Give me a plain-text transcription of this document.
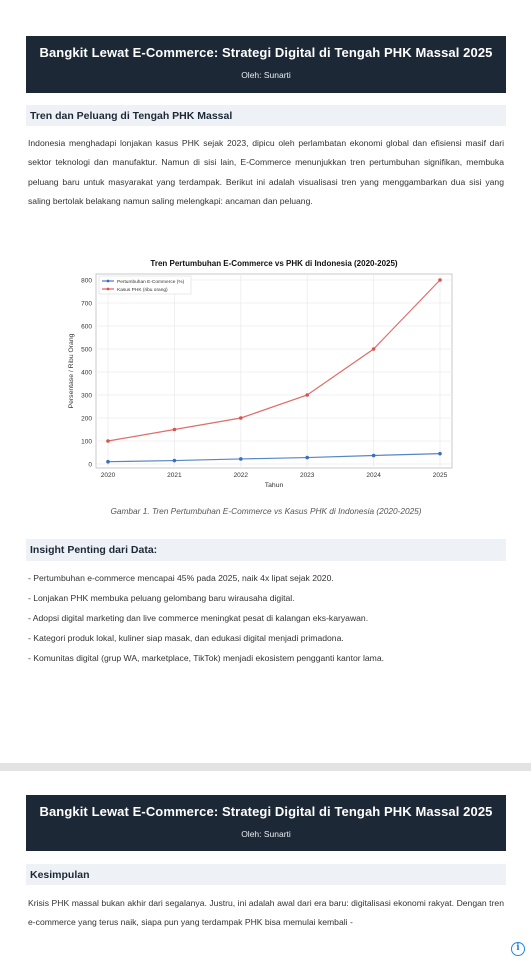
Bangkit Lewat E-Commerce: Strategi Digital di Tengah PHK Massal 2025
Oleh: Sunarti
Tren dan Peluang di Tengah PHK Massal

Indonesia menghadapi lonjakan kasus PHK sejak 2023, dipicu oleh perlambatan ekonomi global dan efisiensi masif dari sektor teknologi dan manufaktur. Namun di sisi lain, E-Commerce menunjukkan tren pertumbuhan signifikan, membuka peluang baru untuk masyarakat yang terdampak. Berikut ini adalah visualisasi tren yang menggambarkan dua sisi yang saling bertolak belakang namun saling melengkapi: ancaman dan peluang.

0
100
200
300
400
500
600
700
800
2020	2021	2022	2023	2024	2025
Tren Pertumbuhan E-Commerce vs PHK di Indonesia (2020-2025)
Tahun
Persentase / Ribu Orang
Pertumbuhan E-Commerce (%)
Kasus PHK (ribu orang)
Gambar 1. Tren Pertumbuhan E-Commerce vs Kasus PHK di Indonesia (2020-2025)
Insight Penting dari Data:
- Pertumbuhan e-commerce mencapai 45% pada 2025, naik 4x lipat sejak 2020.
- Lonjakan PHK membuka peluang gelombang baru wirausaha digital.
- Adopsi digital marketing dan live commerce meningkat pesat di kalangan eks-karyawan.
- Kategori produk lokal, kuliner siap masak, dan edukasi digital menjadi primadona.
- Komunitas digital (grup WA, marketplace, TikTok) menjadi ekosistem pengganti kantor lama.
Bangkit Lewat E-Commerce: Strategi Digital di Tengah PHK Massal 2025
Oleh: Sunarti
Kesimpulan

Krisis PHK massal bukan akhir dari segalanya. Justru, ini adalah awal dari era baru: digitalisasi ekonomi rakyat. Dengan tren e-commerce yang terus naik, siapa pun yang terdampak PHK bisa memulai kembali -

i
